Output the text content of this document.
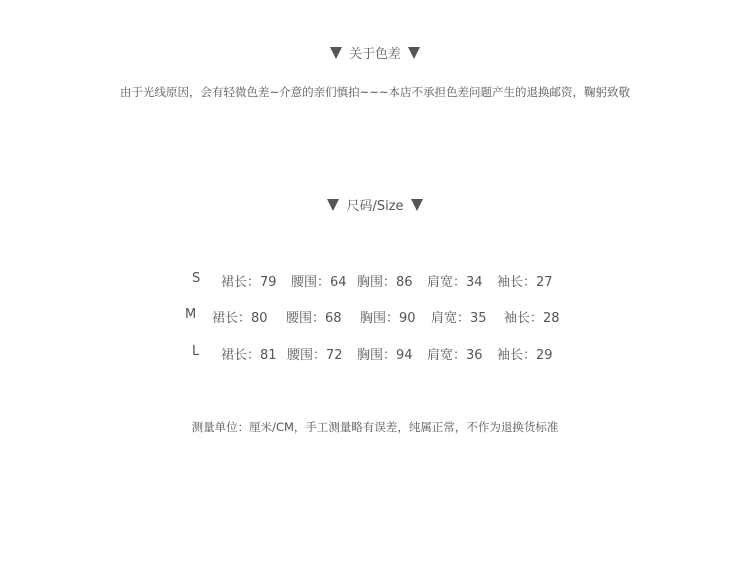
关于色差
由于光线原因，会有轻微色差~介意的亲们慎拍~~~本店不承担色差问题产生的退换邮资，鞠躬致敬
尺码/Size
S 裙长：79 腰围：64 胸围：86 肩宽：34 袖长：27
M 裙长：80 腰围：68 胸围：90 肩宽：35 袖长：28
L 裙长：81 腰围：72 胸围：94 肩宽：36 袖长：29
测量单位：厘米/CM，手工测量略有误差，纯属正常，不作为退换货标准
